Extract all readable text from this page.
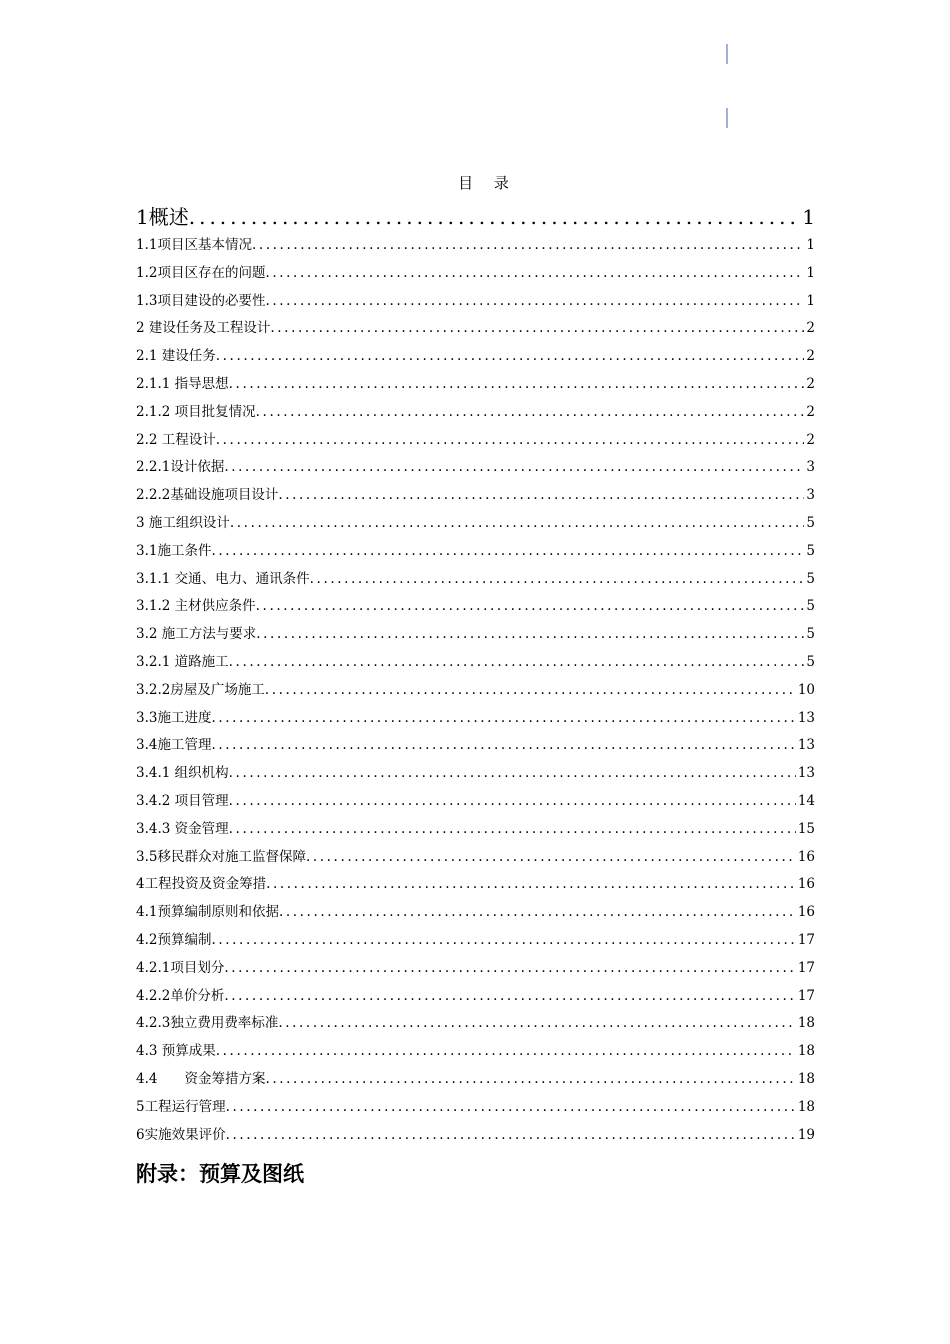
目 录
1概述 .....	1
1.1项目区基本情况 .....	1
1.2项目区存在的问题 .....	1
1.3项目建设的必要性 .....	1
2 建设任务及工程设计 .....	2
2.1 建设任务 .....	2
2.1.1 指导思想 .....	2
2.1.2 项目批复情况 .....	2
2.2 工程设计 .....	2
2.2.1设计依据 .....	3
2.2.2基础设施项目设计 .....	3
3 施工组织设计 .....	5
3.1施工条件 .....	5
3.1.1 交通、电力、通讯条件 .....	5
3.1.2 主材供应条件 .....	5
3.2 施工方法与要求 .....	5
3.2.1 道路施工 .....	5
3.2.2房屋及广场施工 .....	10
3.3施工进度 .....	13
3.4施工管理 .....	13
3.4.1 组织机构 .....	13
3.4.2 项目管理 .....	14
3.4.3 资金管理 .....	15
3.5移民群众对施工监督保障 .....	16
4工程投资及资金筹措 .....	16
4.1预算编制原则和依据 .....	16
4.2预算编制 .....	17
4.2.1项目划分 .....	17
4.2.2单价分析 .....	17
4.2.3独立费用费率标准 .....	18
4.3 预算成果 .....	18
4.4　　资金筹措方案 .....	18
5工程运行管理 .....	18
6实施效果评价 .....	19
附录：预算及图纸
